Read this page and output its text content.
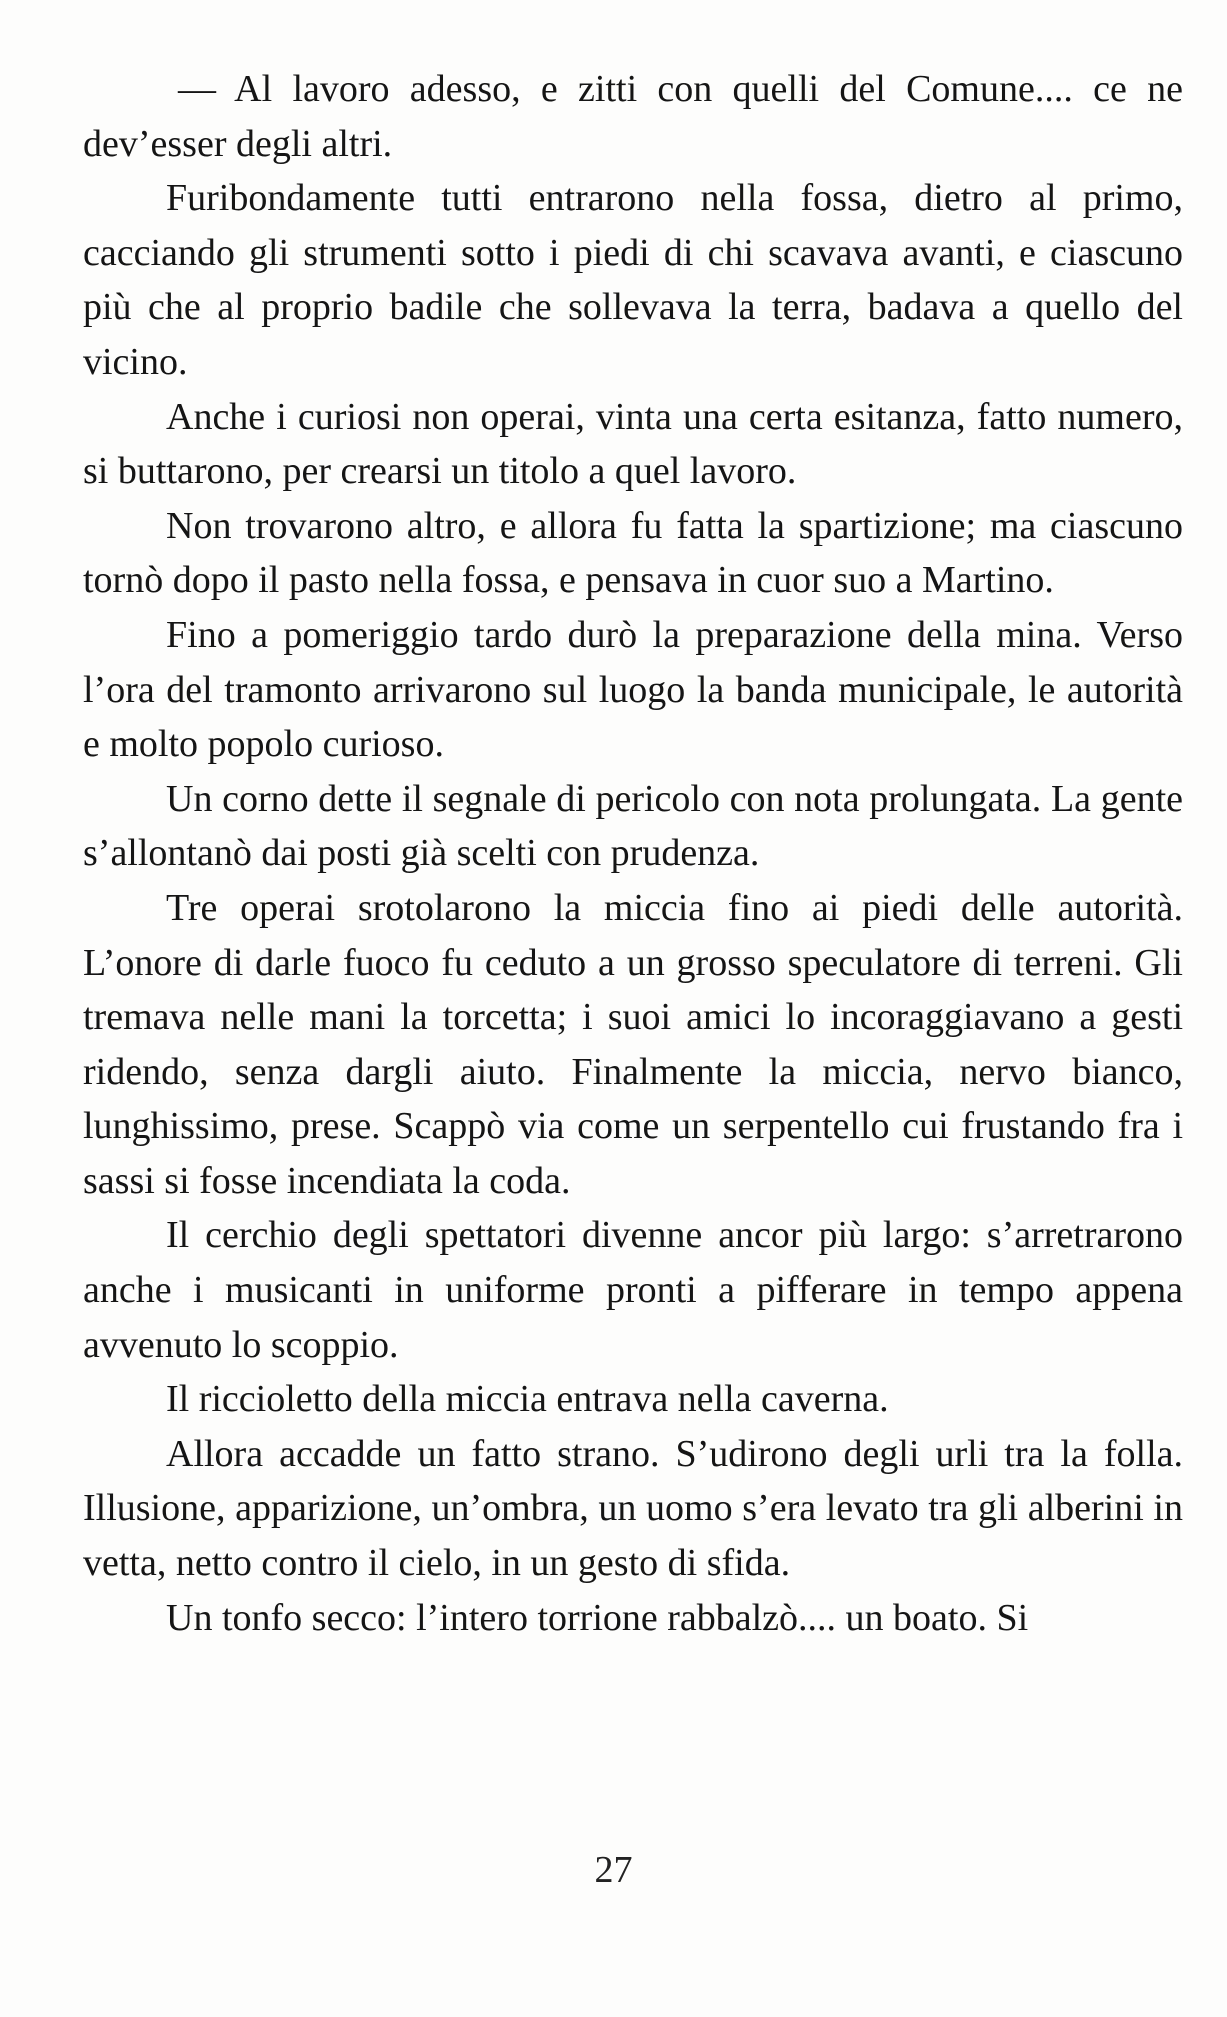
— Al lavoro adesso, e zitti con quelli del Comune.... ce ne dev’esser degli altri.

Furibondamente tutti entrarono nella fossa, dietro al primo, cacciando gli strumenti sotto i piedi di chi scavava avanti, e ciascuno più che al proprio badile che sollevava la terra, badava a quello del vicino.

Anche i curiosi non operai, vinta una certa esitanza, fatto numero, si buttarono, per crearsi un titolo a quel lavoro.

Non trovarono altro, e allora fu fatta la spartizione; ma ciascuno tornò dopo il pasto nella fossa, e pensava in cuor suo a Martino.

Fino a pomeriggio tardo durò la preparazione della mina. Verso l’ora del tramonto arrivarono sul luogo la banda municipale, le autorità e molto popolo curioso.

Un corno dette il segnale di pericolo con nota prolungata. La gente s’allontanò dai posti già scelti con prudenza.

Tre operai srotolarono la miccia fino ai piedi delle autorità. L’onore di darle fuoco fu ceduto a un grosso speculatore di terreni. Gli tremava nelle mani la torcetta; i suoi amici lo incoraggiavano a gesti ridendo, senza dargli aiuto. Finalmente la miccia, nervo bianco, lunghissimo, prese. Scappò via come un serpentello cui frustando fra i sassi si fosse incendiata la coda.

Il cerchio degli spettatori divenne ancor più largo: s’arretrarono anche i musicanti in uniforme pronti a pifferare in tempo appena avvenuto lo scoppio.

Il riccioletto della miccia entrava nella caverna.

Allora accadde un fatto strano. S’udirono degli urli tra la folla. Illusione, apparizione, un’ombra, un uomo s’era levato tra gli alberini in vetta, netto contro il cielo, in un gesto di sfida.

Un tonfo secco: l’intero torrione rabbalzò.... un boato. Si

27
